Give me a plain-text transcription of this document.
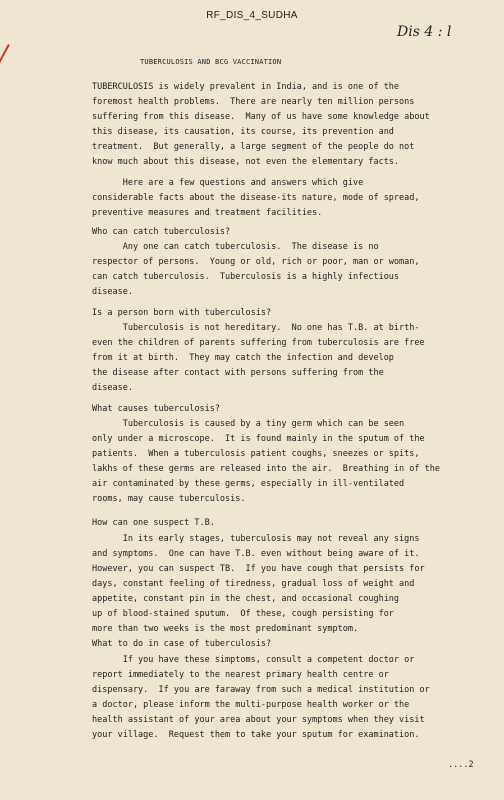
RF_DIS_4_SUDHA
Dis 4 : l
TUBERCULOSIS AND BCG VACCINATION
TUBERCULOSIS is widely prevalent in India, and is one of the
foremost health problems.  There are nearly ten million persons
suffering from this disease.  Many of us have some knowledge about
this disease, its causation, its course, its prevention and
treatment.  But generally, a large segment of the people do not
know much about this disease, not even the elementary facts.
Here are a few questions and answers which give
considerable facts about the disease-its nature, mode of spread,
preventive measures and treatment facilities.
Who can catch tuberculosis?
Any one can catch tuberculosis.  The disease is no
respector of persons.  Young or old, rich or poor, man or woman,
can catch tuberculosis.  Tuberculosis is a highly infectious
disease.
Is a person born with tuberculosis?
Tuberculosis is not hereditary.  No one has T.B. at birth-
even the children of parents suffering from tuberculosis are free
from it at birth.  They may catch the infection and develop
the disease after contact with persons suffering from the
disease.
What causes tuberculosis?
Tuberculosis is caused by a tiny germ which can be seen
only under a microscope.  It is found mainly in the sputum of the
patients.  When a tuberculosis patient coughs, sneezes or spits,
lakhs of these germs are released into the air.  Breathing in of the
air contaminated by these germs, especially in ill-ventilated
rooms, may cause tuberculosis.
How can one suspect T.B.
In its early stages, tuberculosis may not reveal any signs
and symptoms.  One can have T.B. even without being aware of it.
However, you can suspect TB.  If you have cough that persists for
days, constant feeling of tiredness, gradual loss of weight and
appetite, constant pin in the chest, and occasional coughing
up of blood-stained sputum.  Of these, cough persisting for
more than two weeks is the most predominant symptom.
What to do in case of tuberculosis?
If you have these simptoms, consult a competent doctor or
report immediately to the nearest primary health centre or
dispensary.  If you are faraway from such a medical institution or
a doctor, please inform the multi-purpose health worker or the
health assistant of your area about your symptoms when they visit
your village.  Request them to take your sputum for examination.
....2
